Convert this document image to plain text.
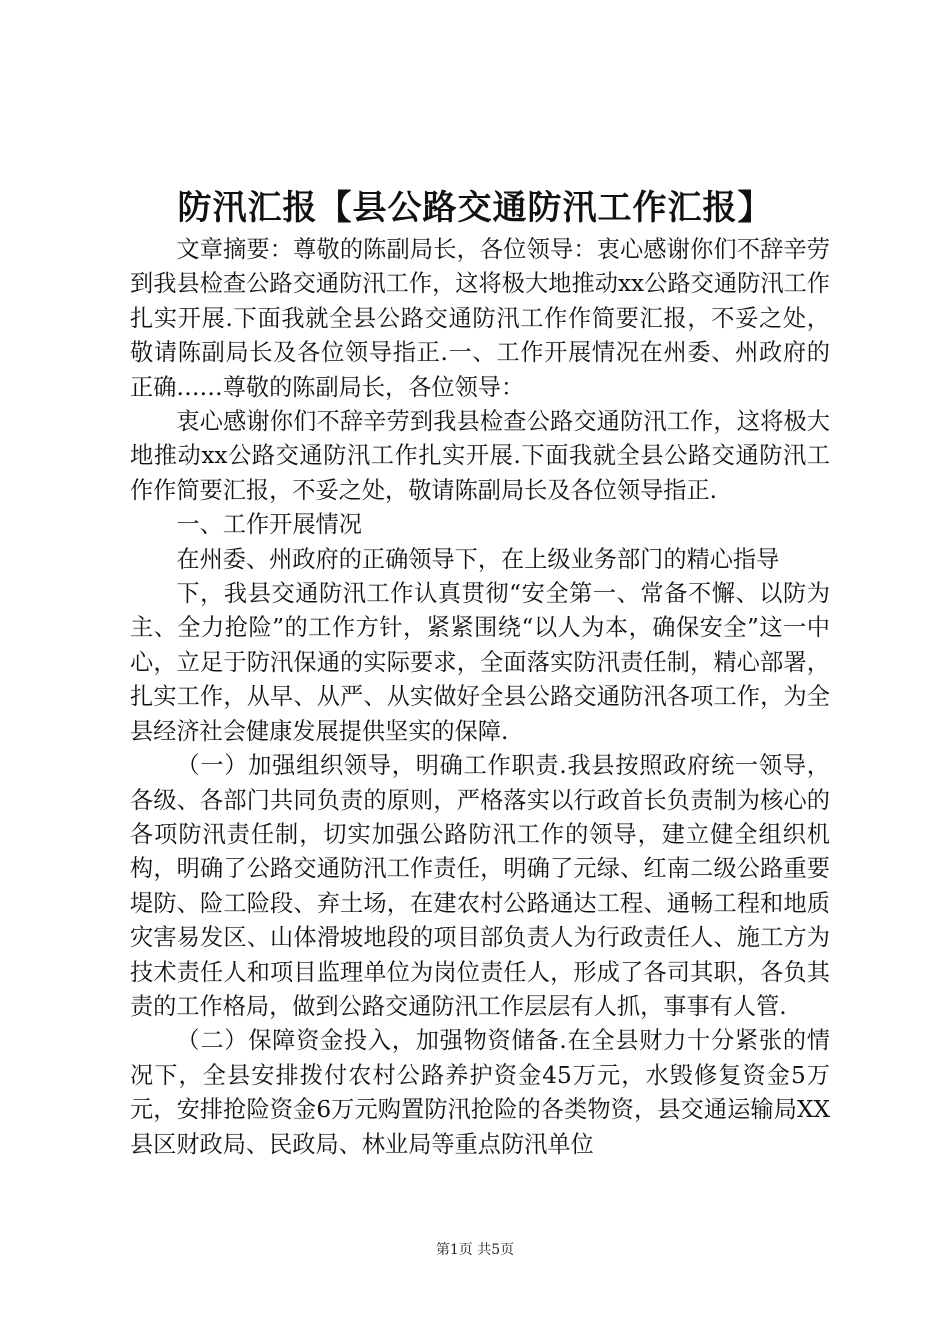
防汛汇报【县公路交通防汛工作汇报】

文章摘要：尊敬的陈副局长，各位领导：衷心感谢你们不辞辛劳到我县检查公路交通防汛工作，这将极大地推动xx公路交通防汛工作扎实开展.下面我就全县公路交通防汛工作作简要汇报，不妥之处，敬请陈副局长及各位领导指正.一、工作开展情况在州委、州政府的正确……尊敬的陈副局长，各位领导：

衷心感谢你们不辞辛劳到我县检查公路交通防汛工作，这将极大地推动xx公路交通防汛工作扎实开展.下面我就全县公路交通防汛工作作简要汇报，不妥之处，敬请陈副局长及各位领导指正.

一、工作开展情况

在州委、州政府的正确领导下，在上级业务部门的精心指导

下，我县交通防汛工作认真贯彻“安全第一、常备不懈、以防为主、全力抢险”的工作方针，紧紧围绕“以人为本，确保安全”这一中心，立足于防汛保通的实际要求，全面落实防汛责任制，精心部署，扎实工作，从早、从严、从实做好全县公路交通防汛各项工作，为全县经济社会健康发展提供坚实的保障.

（一）加强组织领导，明确工作职责.我县按照政府统一领导，各级、各部门共同负责的原则，严格落实以行政首长负责制为核心的各项防汛责任制，切实加强公路防汛工作的领导，建立健全组织机构，明确了公路交通防汛工作责任，明确了元绿、红南二级公路重要堤防、险工险段、弃土场，在建农村公路通达工程、通畅工程和地质灾害易发区、山体滑坡地段的项目部负责人为行政责任人、施工方为技术责任人和项目监理单位为岗位责任人，形成了各司其职，各负其责的工作格局，做到公路交通防汛工作层层有人抓，事事有人管.

（二）保障资金投入，加强物资储备.在全县财力十分紧张的情况下，全县安排拨付农村公路养护资金45万元，水毁修复资金5万元，安排抢险资金6万元购置防汛抢险的各类物资，县交通运输局XX县区财政局、民政局、林业局等重点防汛单位

第1页 共5页
